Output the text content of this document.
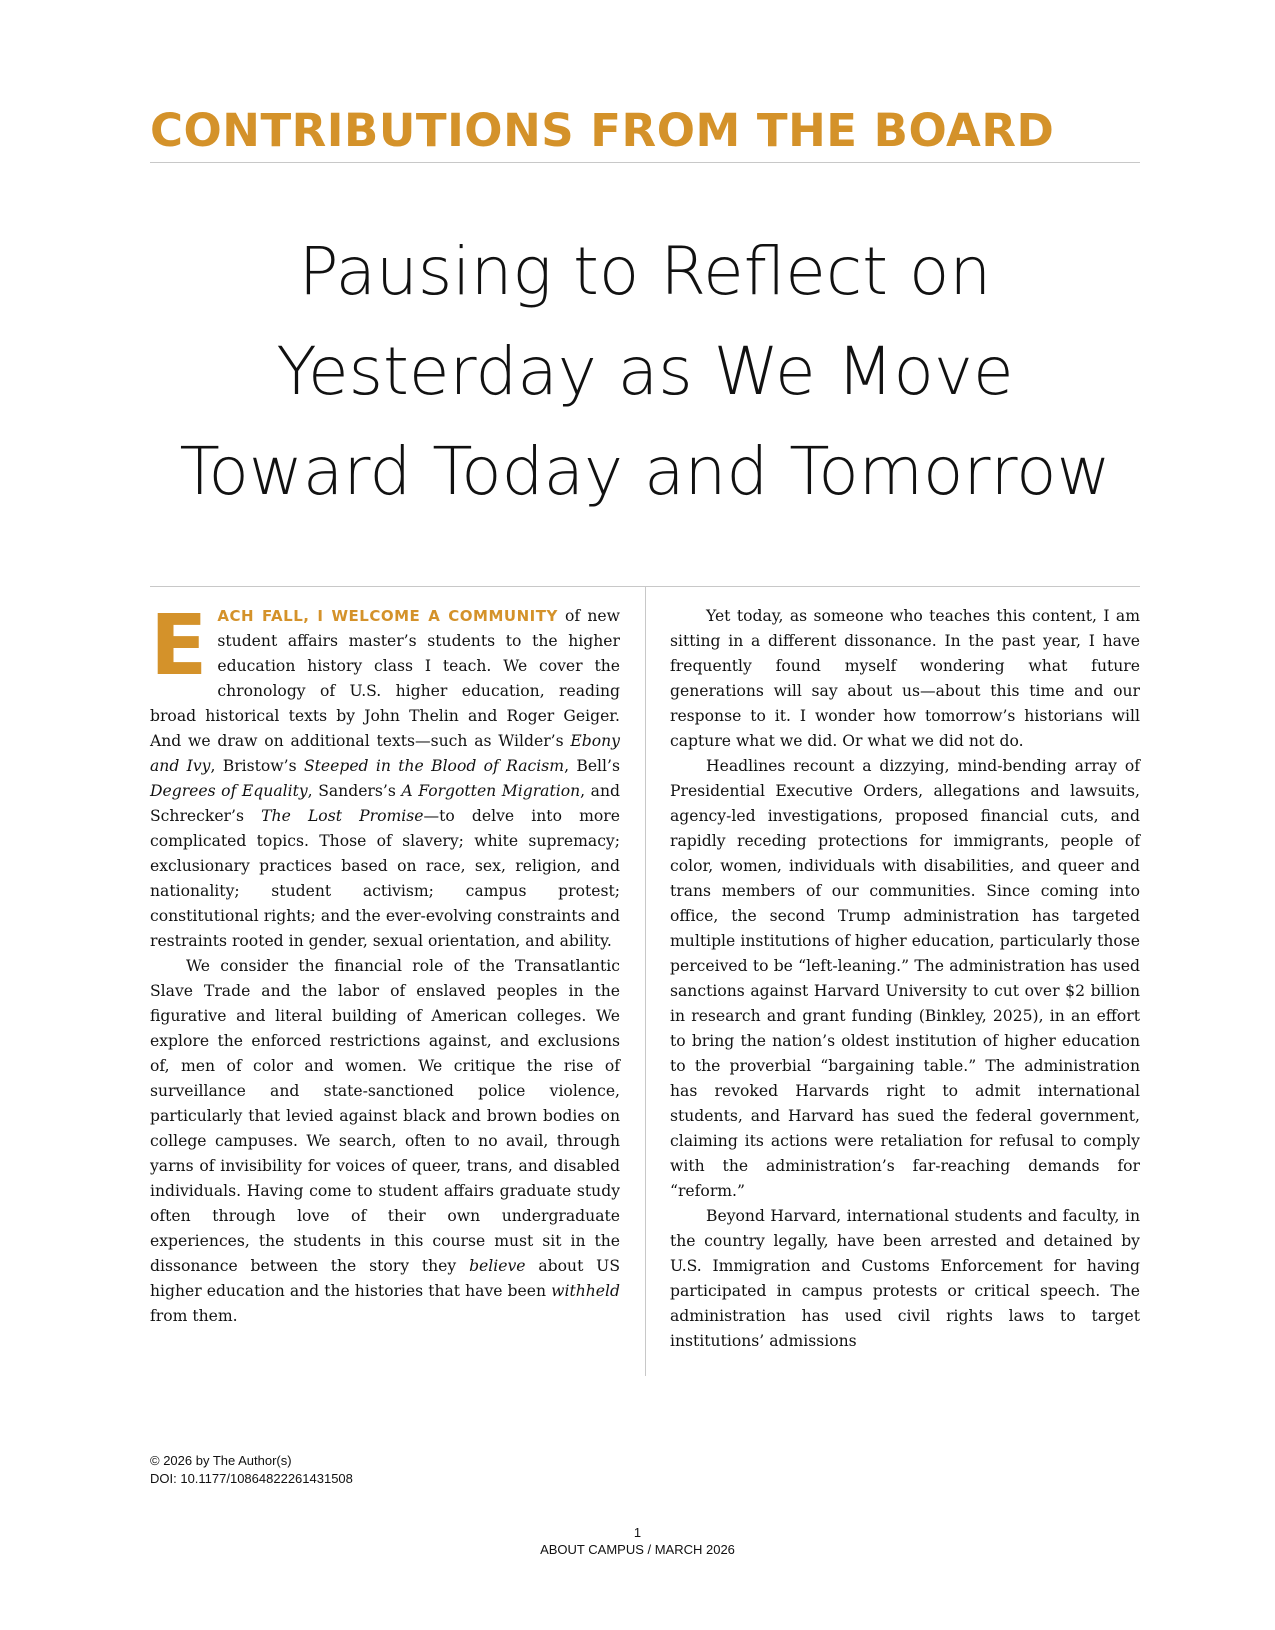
CONTRIBUTIONS FROM THE BOARD
Pausing to Reflect on
Yesterday as We Move
Toward Today and Tomorrow

EACH FALL, I WELCOME A COMMUNITY of new student affairs master’s students to the higher education history class I teach. We cover the chronology of U.S. higher education, reading broad historical texts by John Thelin and Roger Geiger. And we draw on additional texts—such as Wilder’s Ebony and Ivy, Bristow’s Steeped in the Blood of Racism, Bell’s Degrees of Equality, Sanders’s A Forgotten Migration, and Schrecker’s The Lost Promise—to delve into more complicated topics. Those of slavery; white supremacy; exclusionary practices based on race, sex, religion, and nationality; student activism; campus protest; constitutional rights; and the ever-evolving constraints and restraints rooted in gender, sexual orientation, and ability.

We consider the financial role of the Transatlantic Slave Trade and the labor of enslaved peoples in the figurative and literal building of American colleges. We explore the enforced restrictions against, and exclusions of, men of color and women. We critique the rise of surveillance and state-sanctioned police violence, particularly that levied against black and brown bodies on college campuses. We search, often to no avail, through yarns of invisibility for voices of queer, trans, and disabled individuals. Having come to student affairs graduate study often through love of their own undergraduate experiences, the students in this course must sit in the dissonance between the story they believe about US higher education and the histories that have been withheld from them.

Yet today, as someone who teaches this content, I am sitting in a different dissonance. In the past year, I have frequently found myself wondering what future generations will say about us—about this time and our response to it. I wonder how tomorrow’s historians will capture what we did. Or what we did not do.

Headlines recount a dizzying, mind-bending array of Presidential Executive Orders, allegations and lawsuits, agency-led investigations, proposed financial cuts, and rapidly receding protections for immigrants, people of color, women, individuals with disabilities, and queer and trans members of our communities. Since coming into office, the second Trump administration has targeted multiple institutions of higher education, particularly those perceived to be “left-leaning.” The administration has used sanctions against Harvard University to cut over $2 billion in research and grant funding (Binkley, 2025), in an effort to bring the nation’s oldest institution of higher education to the proverbial “bargaining table.” The administration has revoked Harvards right to admit international students, and Harvard has sued the federal government, claiming its actions were retaliation for refusal to comply with the administration’s far-reaching demands for “reform.”

Beyond Harvard, international students and faculty, in the country legally, have been arrested and detained by U.S. Immigration and Customs Enforcement for having participated in campus protests or critical speech. The administration has used civil rights laws to target institutions’ admissions

© 2026 by The Author(s)
DOI: 10.1177/10864822261431508
1
ABOUT CAMPUS / MARCH 2026
